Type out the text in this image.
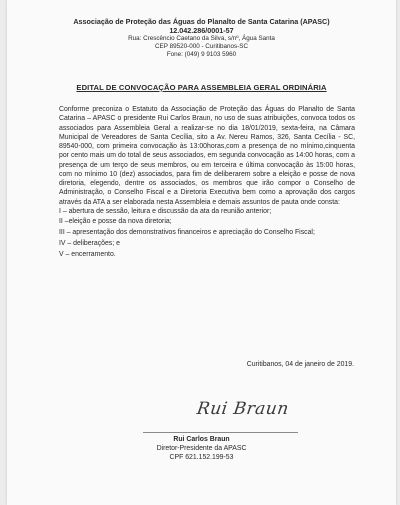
Associação de Proteção das Águas do Planalto de Santa Catarina (APASC)
12.042.286/0001-57
Rua: Crescêncio Caetano da Silva, s/nº, Água Santa
CEP 89520-000 - Curitibanos-SC
Fone: (049) 9 9103 5960
EDITAL DE CONVOCAÇÃO PARA ASSEMBLEIA GERAL ORDINÁRIA

Conforme preconiza o Estatuto da Associação de Proteção das Águas do Planalto de Santa Catarina – APASC o presidente Rui Carlos Braun, no uso de suas atribuições, convoca todos os associados para Assembleia Geral a realizar-se no dia 18/01/2019, sexta-feira, na Câmara Municipal de Vereadores de Santa Cecília, sito a Av. Nereu Ramos, 326, Santa Cecília - SC, 89540-000, com primeira convocação às 13:00horas,com a presença de no mínimo,cinquenta por cento mais um do total de seus associados, em segunda convocação as 14:00 horas, com a presença de um terço de seus membros, ou em terceira e última convocação às 15:00 horas, com no mínimo 10 (dez) associados, para fim de deliberarem sobre a eleição e posse de nova diretoria, elegendo, dentre os associados, os membros que irão compor o Conselho de Administração, o Conselho Fiscal e a Diretoria Executiva bem como a aprovação dos cargos através da ATA a ser elaborada nesta Assembleia e demais assuntos de pauta onde consta:

I – abertura de sessão, leitura e discussão da ata da reunião anterior;

II –eleição e posse da nova diretoria;

III – apresentação dos demonstrativos financeiros e apreciação do Conselho Fiscal;

IV – deliberações; e

V – encerramento.

Curitibanos, 04 de janeiro de 2019.
Rui Braun
Rui Carlos Braun
Diretor-Presidente da APASC
CPF 621.152.199-53
